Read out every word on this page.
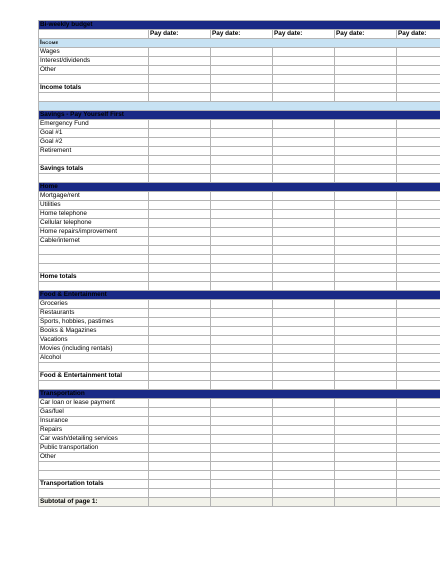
Bi-weekly budget					
	Pay date:	Pay date:	Pay date:	Pay date:	Pay date:
Income					
Wages					
Interest/dividends					
Other					

Income totals					

Savings - Pay Yourself First					
Emergency Fund					
Goal #1					
Goal #2					
Retirement					

Savings totals					

Home					
Mortgage/rent					
Utilities					
Home telephone					
Cellular telephone					
Home repairs/improvement					
Cable/internet					

Home totals					

Food & Entertainment					
Groceries					
Restaurants					
Sports, hobbies, pastimes					
Books & Magazines					
Vacations					
Movies (including rentals)					
Alcohol					

Food & Entertainment total					

Transportation					
Car loan or lease payment					
Gas/fuel					
Insurance					
Repairs					
Car wash/detailing services					
Public transportation					
Other					

Transportation totals					

Subtotal of page 1:					
